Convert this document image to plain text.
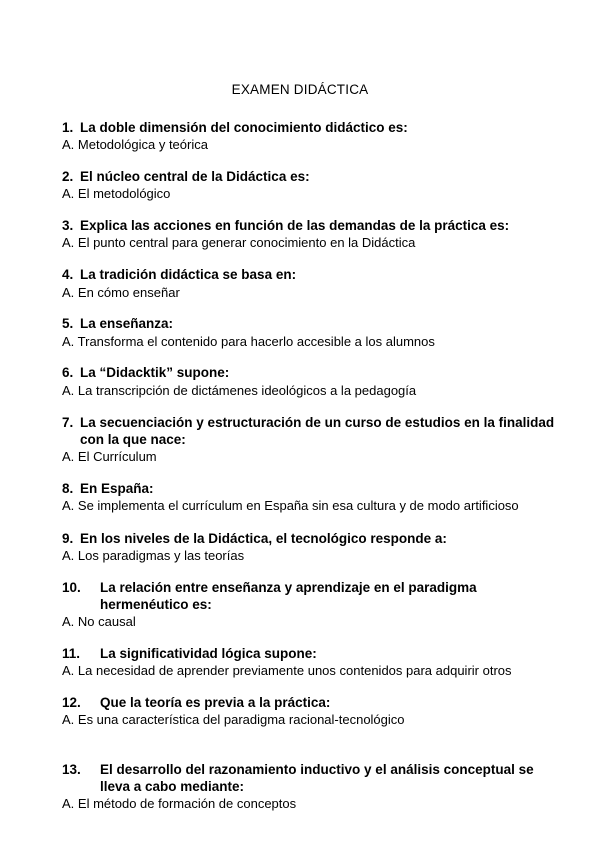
EXAMEN DIDÁCTICA
1. La doble dimensión del conocimiento didáctico es:
A. Metodológica y teórica
2. El núcleo central de la Didáctica es:
A. El metodológico
3. Explica las acciones en función de las demandas de la práctica es:
A. El punto central para generar conocimiento en la Didáctica
4. La tradición didáctica se basa en:
A. En cómo enseñar
5. La enseñanza:
A. Transforma el contenido para hacerlo accesible a los alumnos
6. La “Didacktik” supone:
A. La transcripción de dictámenes ideológicos a la pedagogía
7. La secuenciación y estructuración de un curso de estudios en la finalidad con la que nace:
A. El Currículum
8. En España:
A. Se implementa el currículum en España sin esa cultura y de modo artificioso
9. En los niveles de la Didáctica, el tecnológico responde a:
A. Los paradigmas y las teorías
10.	La relación entre enseñanza y aprendizaje en el paradigma hermenéutico es:
A. No causal
11.	La significatividad lógica supone:
A. La necesidad de aprender previamente unos contenidos para adquirir otros
12.	Que la teoría es previa a la práctica:
A. Es una característica del paradigma racional-tecnológico
13.	El desarrollo del razonamiento inductivo y el análisis conceptual se lleva a cabo mediante:
A. El método de formación de conceptos
